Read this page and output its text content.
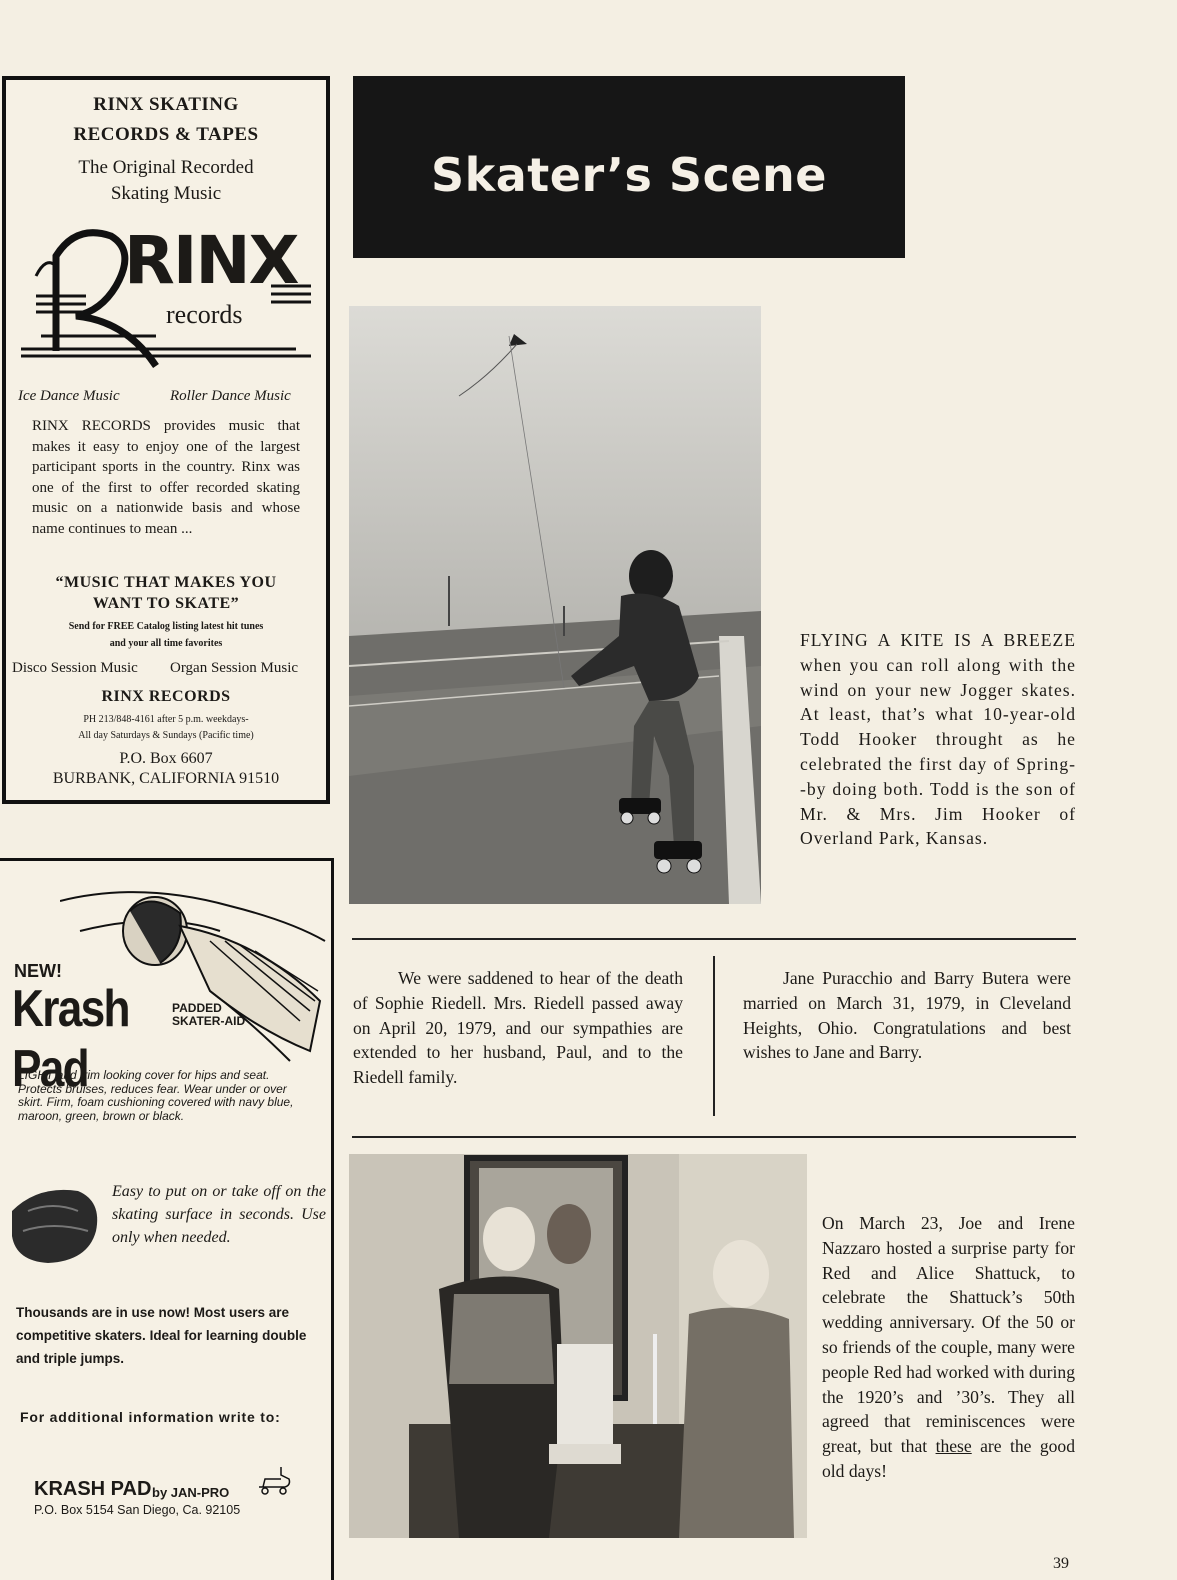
RINX SKATING
RECORDS & TAPES
The Original Recorded
Skating Music
RINX
records
Ice Dance Music	Roller Dance Music
RINX RECORDS provides music that makes it easy to enjoy one of the largest participant sports in the country. Rinx was one of the first to offer recorded skating music on a nationwide basis and whose name continues to mean ...
“MUSIC THAT MAKES YOU
WANT TO SKATE”
Send for FREE Catalog listing latest hit tunes
and your all time favorites
Disco Session Music Organ Session Music
RINX RECORDS
PH 213/848-4161 after 5 p.m. weekdays-
All day Saturdays & Sundays (Pacific time)
P.O. Box 6607
BURBANK, CALIFORNIA 91510
NEW!
Krash Pad
PADDED
SKATER-AID
LIGHT and trim looking cover for hips and seat. Protects bruises, reduces fear. Wear under or over skirt. Firm, foam cushioning covered with navy blue, maroon, green, brown or black.
Easy to put on or take off on the skating surface in seconds. Use only when needed.
Thousands are in use now! Most users are competitive skaters. Ideal for learning double and triple jumps.
For additional information write to:
KRASH PAD by JAN-PRO
P.O. Box 5154 San Diego, Ca. 92105
Skater’s Scene
FLYING A KITE IS A BREEZE when you can roll along with the wind on your new Jogger skates. At least, that’s what 10-year-old Todd Hooker throught as he celebrated the first day of Spring--by doing both. Todd is the son of Mr. & Mrs. Jim Hooker of Overland Park, Kansas.
We were saddened to hear of the death of Sophie Riedell. Mrs. Riedell passed away on April 20, 1979, and our sympathies are extended to her husband, Paul, and to the Riedell family.
Jane Puracchio and Barry Butera were married on March 31, 1979, in Cleveland Heights, Ohio. Congratulations and best wishes to Jane and Barry.
On March 23, Joe and Irene Nazzaro hosted a surprise party for Red and Alice Shattuck, to celebrate the Shattuck’s 50th wedding anniversary. Of the 50 or so friends of the couple, many were people Red had worked with during the 1920’s and ’30’s. They all agreed that reminiscences were great, but that these are the good old days!
39
